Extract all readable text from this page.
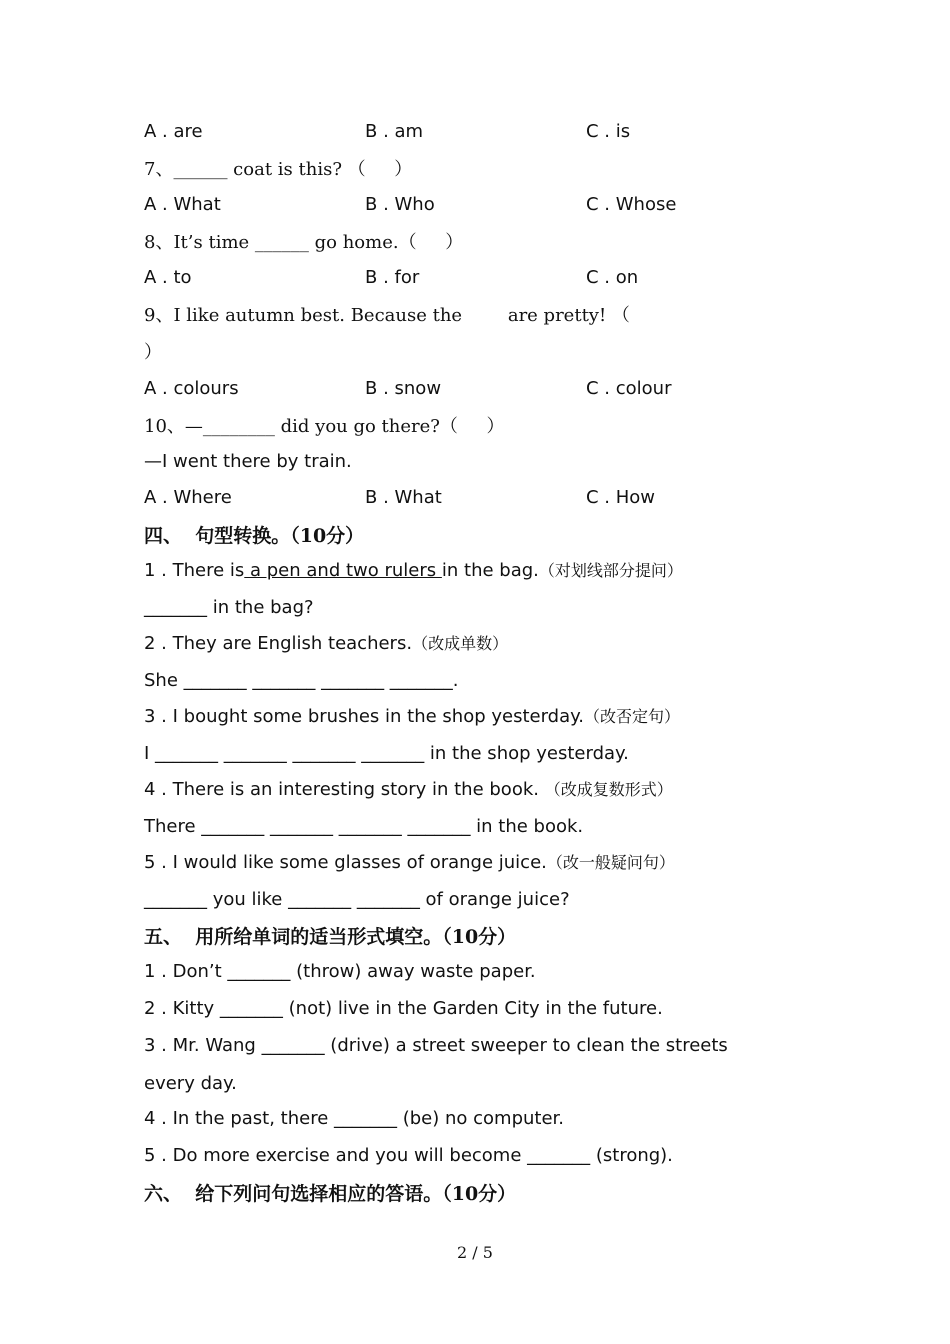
A . are	B . am	C . is
7、______ coat is this? （     ）
A . What	B . Who	C . Whose
8、It’s time ______ go home.（     ）
A . to	B . for	C . on
9、I like autumn best. Because the        are pretty! （
）
A . colours	B . snow	C . colour
10、—________ did you go there?（     ）
—I went there by train.
A . Where	B . What	C . How
四、  句型转换。（10分）
1 . There is a pen and two rulers in the bag.（对划线部分提问）
_______ in the bag?
2 . They are English teachers.（改成单数）
She _______ _______ _______ _______.
3 . I bought some brushes in the shop yesterday.（改否定句）
I _______ _______ _______ _______ in the shop yesterday.
4 . There is an interesting story in the book. （改成复数形式）
There _______ _______ _______ _______ in the book.
5 . I would like some glasses of orange juice.（改一般疑问句）
_______ you like _______ _______ of orange juice?
五、  用所给单词的适当形式填空。（10分）
1 . Don’t _______ (throw) away waste paper.
2 . Kitty _______ (not) live in the Garden City in the future.
3 . Mr. Wang _______ (drive) a street sweeper to clean the streets
every day.
4 . In the past, there _______ (be) no computer.
5 . Do more exercise and you will become _______ (strong).
六、  给下列问句选择相应的答语。（10分）
2 / 5
